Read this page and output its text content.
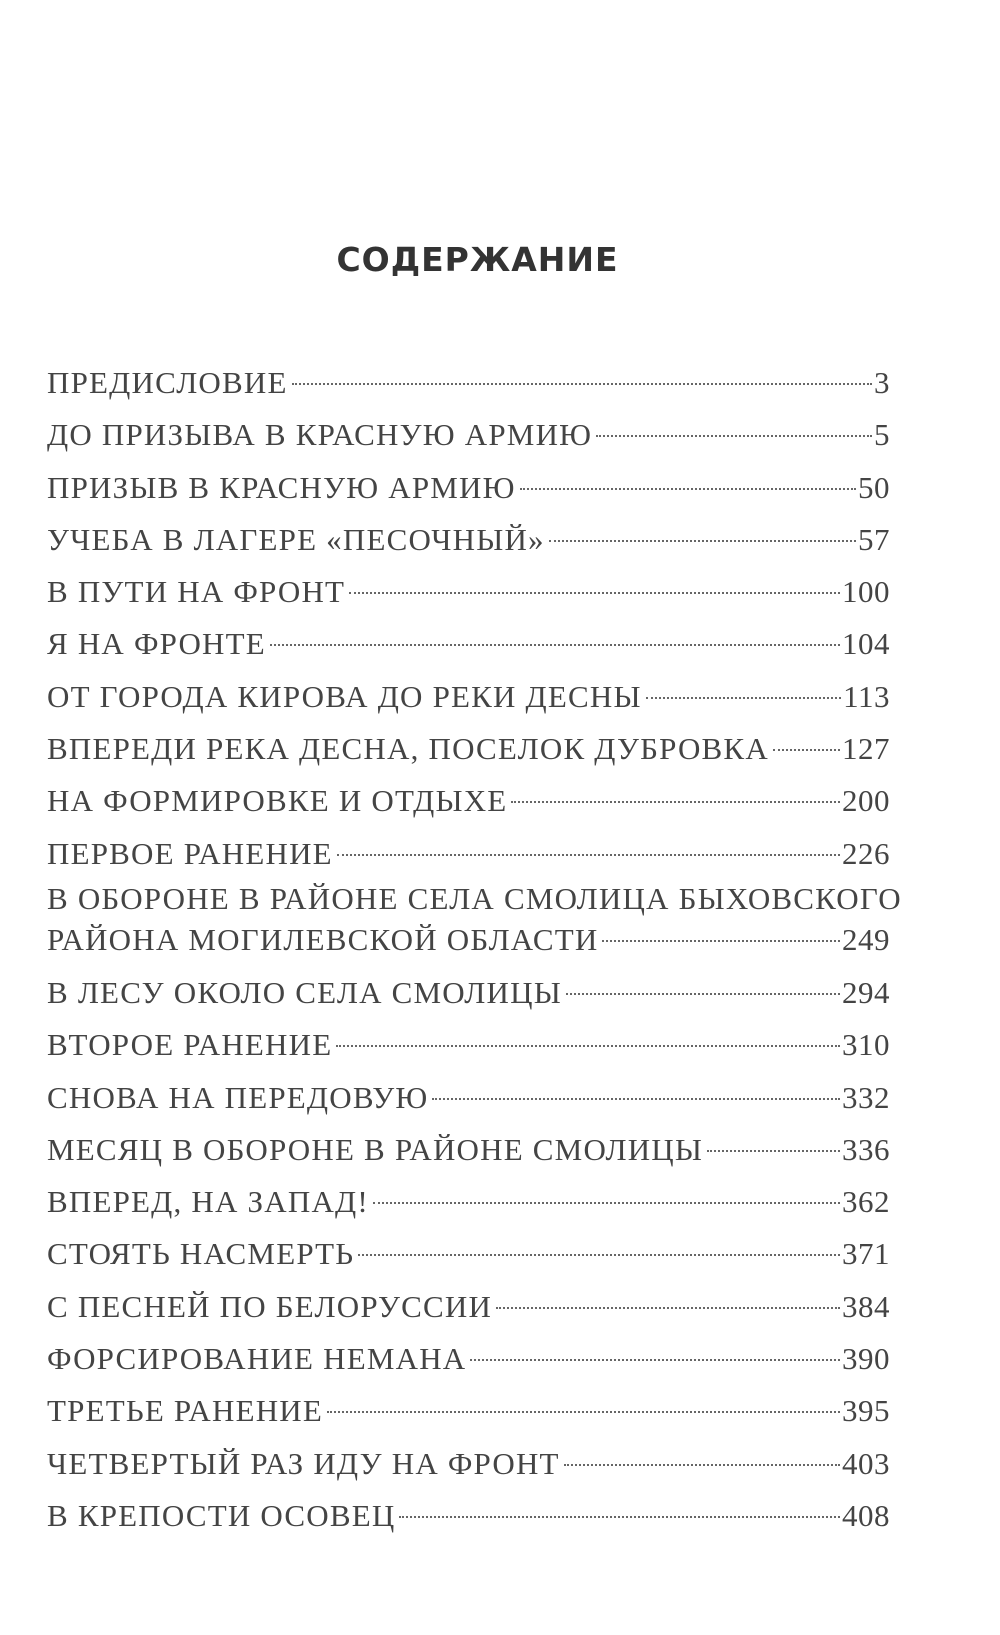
СОДЕРЖАНИЕ
ПРЕДИСЛОВИЕ	3
ДО ПРИЗЫВА В КРАСНУЮ АРМИЮ	5
ПРИЗЫВ В КРАСНУЮ АРМИЮ	50
УЧЕБА В ЛАГЕРЕ «ПЕСОЧНЫЙ»	57
В ПУТИ НА ФРОНТ	100
Я НА ФРОНТЕ	104
ОТ ГОРОДА КИРОВА ДО РЕКИ ДЕСНЫ	113
ВПЕРЕДИ РЕКА ДЕСНА, ПОСЕЛОК ДУБРОВКА 127
НА ФОРМИРОВКЕ И ОТДЫХЕ	200
ПЕРВОЕ РАНЕНИЕ	226
В ОБОРОНЕ В РАЙОНЕ СЕЛА СМОЛИЦА БЫХОВСКОГО
РАЙОНА МОГИЛЕВСКОЙ ОБЛАСТИ	249
В ЛЕСУ ОКОЛО СЕЛА СМОЛИЦЫ	294
ВТОРОЕ РАНЕНИЕ	310
СНОВА НА ПЕРЕДОВУЮ	332
МЕСЯЦ В ОБОРОНЕ В РАЙОНЕ СМОЛИЦЫ	336
ВПЕРЕД, НА ЗАПАД!	362
СТОЯТЬ НАСМЕРТЬ	371
С ПЕСНЕЙ ПО БЕЛОРУССИИ	384
ФОРСИРОВАНИЕ НЕМАНА	390
ТРЕТЬЕ РАНЕНИЕ	395
ЧЕТВЕРТЫЙ РАЗ ИДУ НА ФРОНТ	403
В КРЕПОСТИ ОСОВЕЦ	408
